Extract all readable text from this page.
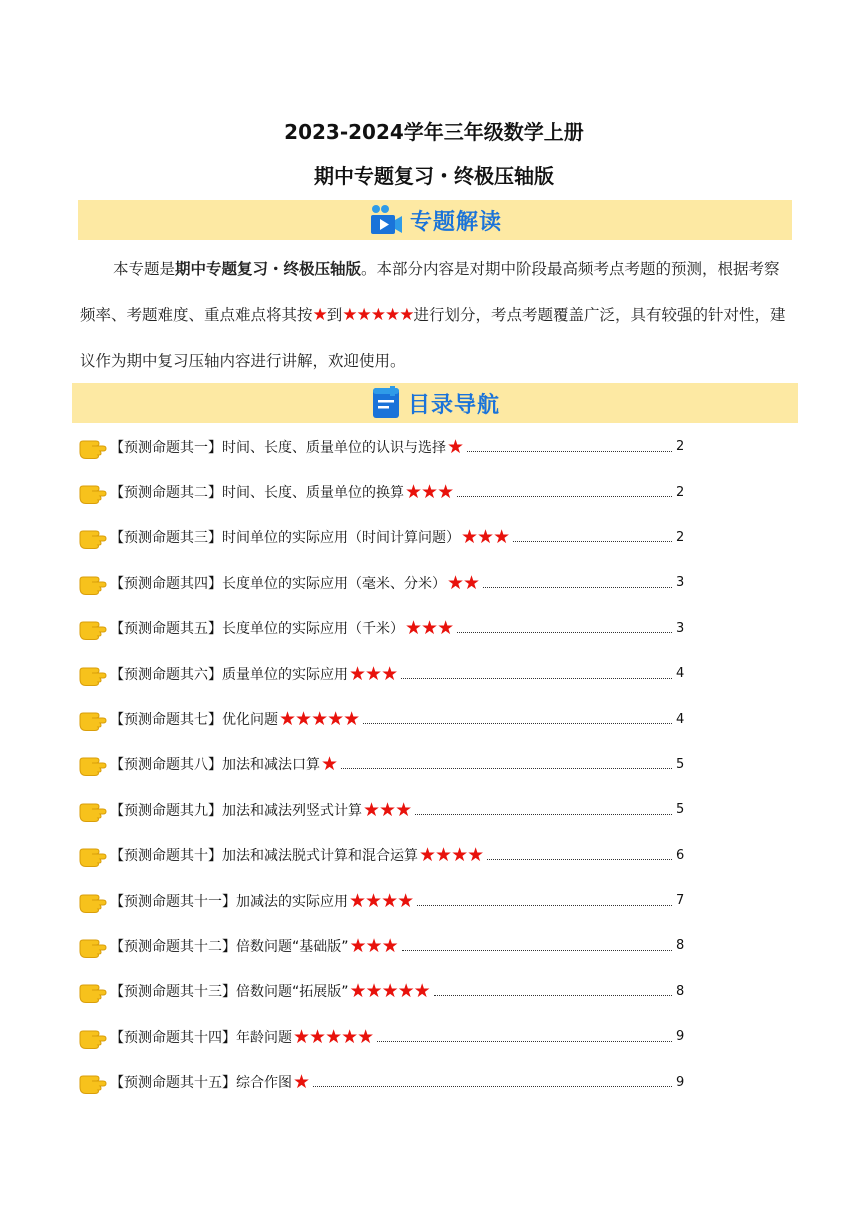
2023-2024学年三年级数学上册
期中专题复习・终极压轴版
专题解读
本专题是期中专题复习・终极压轴版。本部分内容是对期中阶段最高频考点考题的预测，根据考察频率、考题难度、重点难点将其按★到★★★★★进行划分，考点考题覆盖广泛，具有较强的针对性，建议作为期中复习压轴内容进行讲解，欢迎使用。
目录导航
【预测命题其一】时间、长度、质量单位的认识与选择 ★	2
【预测命题其二】时间、长度、质量单位的换算 ★★★	2
【预测命题其三】时间单位的实际应用（时间计算问题） ★★★	2
【预测命题其四】长度单位的实际应用（毫米、分米） ★★	3
【预测命题其五】长度单位的实际应用（千米） ★★★	3
【预测命题其六】质量单位的实际应用 ★★★	4
【预测命题其七】优化问题 ★★★★★	4
【预测命题其八】加法和减法口算 ★	5
【预测命题其九】加法和减法列竖式计算 ★★★	5
【预测命题其十】加法和减法脱式计算和混合运算 ★★★★	6
【预测命题其十一】加减法的实际应用 ★★★★	7
【预测命题其十二】倍数问题“基础版” ★★★	8
【预测命题其十三】倍数问题“拓展版” ★★★★★	8
【预测命题其十四】年龄问题 ★★★★★	9
【预测命题其十五】综合作图 ★	9
